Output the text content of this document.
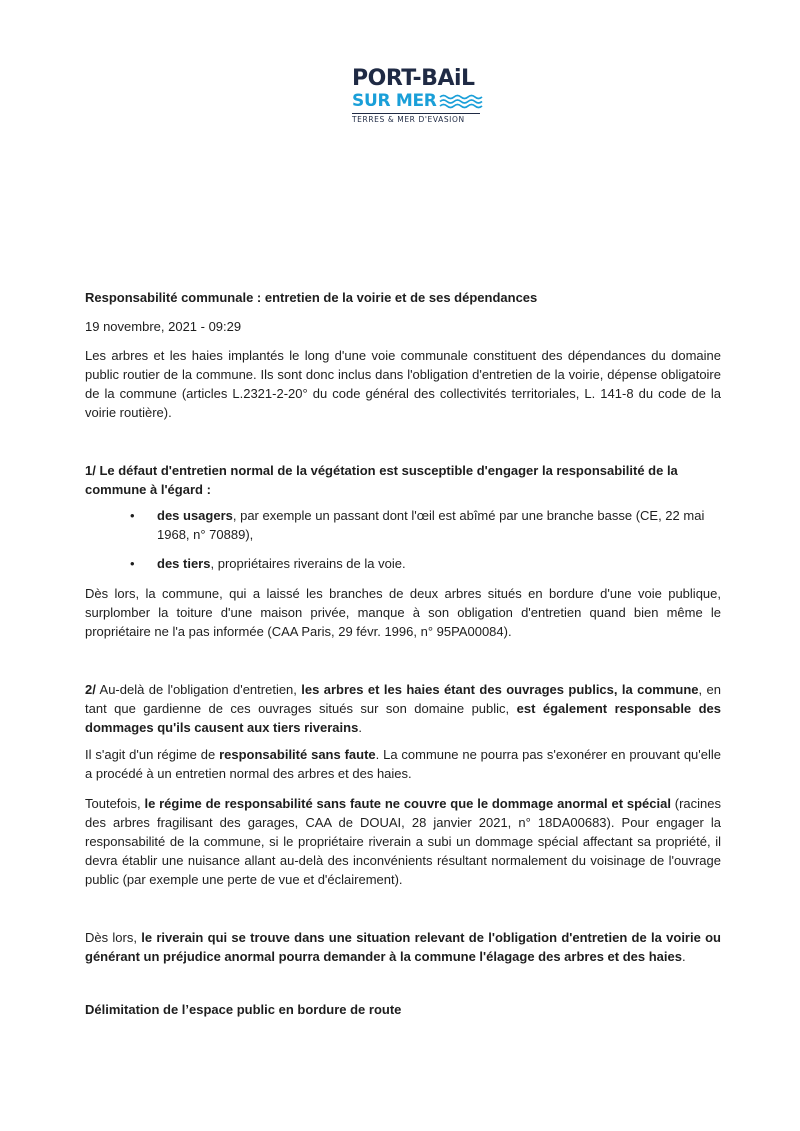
PORT-BAiL
SUR MER
TERRES & MER D'EVASION

Responsabilité communale : entretien de la voirie et de ses dépendances

19 novembre, 2021 - 09:29

Les arbres et les haies implantés le long d'une voie communale constituent des dépendances du domaine public routier de la commune. Ils sont donc inclus dans l'obligation d'entretien de la voirie, dépense obligatoire de la commune (articles L.2321-2-20° du code général des collectivités territoriales, L. 141-8 du code de la voirie routière).

1/ Le défaut d'entretien normal de la végétation est susceptible d'engager la responsabilité de la commune à l'égard :

• des usagers, par exemple un passant dont l'œil est abîmé par une branche basse (CE, 22 mai 1968, n° 70889),
• des tiers, propriétaires riverains de la voie.

Dès lors, la commune, qui a laissé les branches de deux arbres situés en bordure d'une voie publique, surplomber la toiture d'une maison privée, manque à son obligation d'entretien quand bien même le propriétaire ne l'a pas informée (CAA Paris, 29 févr. 1996, n° 95PA00084).

2/ Au-delà de l'obligation d'entretien, les arbres et les haies étant des ouvrages publics, la commune, en tant que gardienne de ces ouvrages situés sur son domaine public, est également responsable des dommages qu'ils causent aux tiers riverains.

Il s'agit d'un régime de responsabilité sans faute. La commune ne pourra pas s'exonérer en prouvant qu'elle a procédé à un entretien normal des arbres et des haies.

Toutefois, le régime de responsabilité sans faute ne couvre que le dommage anormal et spécial (racines des arbres fragilisant des garages, CAA de DOUAI, 28 janvier 2021, n° 18DA00683). Pour engager la responsabilité de la commune, si le propriétaire riverain a subi un dommage spécial affectant sa propriété, il devra établir une nuisance allant au-delà des inconvénients résultant normalement du voisinage de l'ouvrage public (par exemple une perte de vue et d'éclairement).

Dès lors, le riverain qui se trouve dans une situation relevant de l'obligation d'entretien de la voirie ou générant un préjudice anormal pourra demander à la commune l'élagage des arbres et des haies.

Délimitation de l’espace public en bordure de route
